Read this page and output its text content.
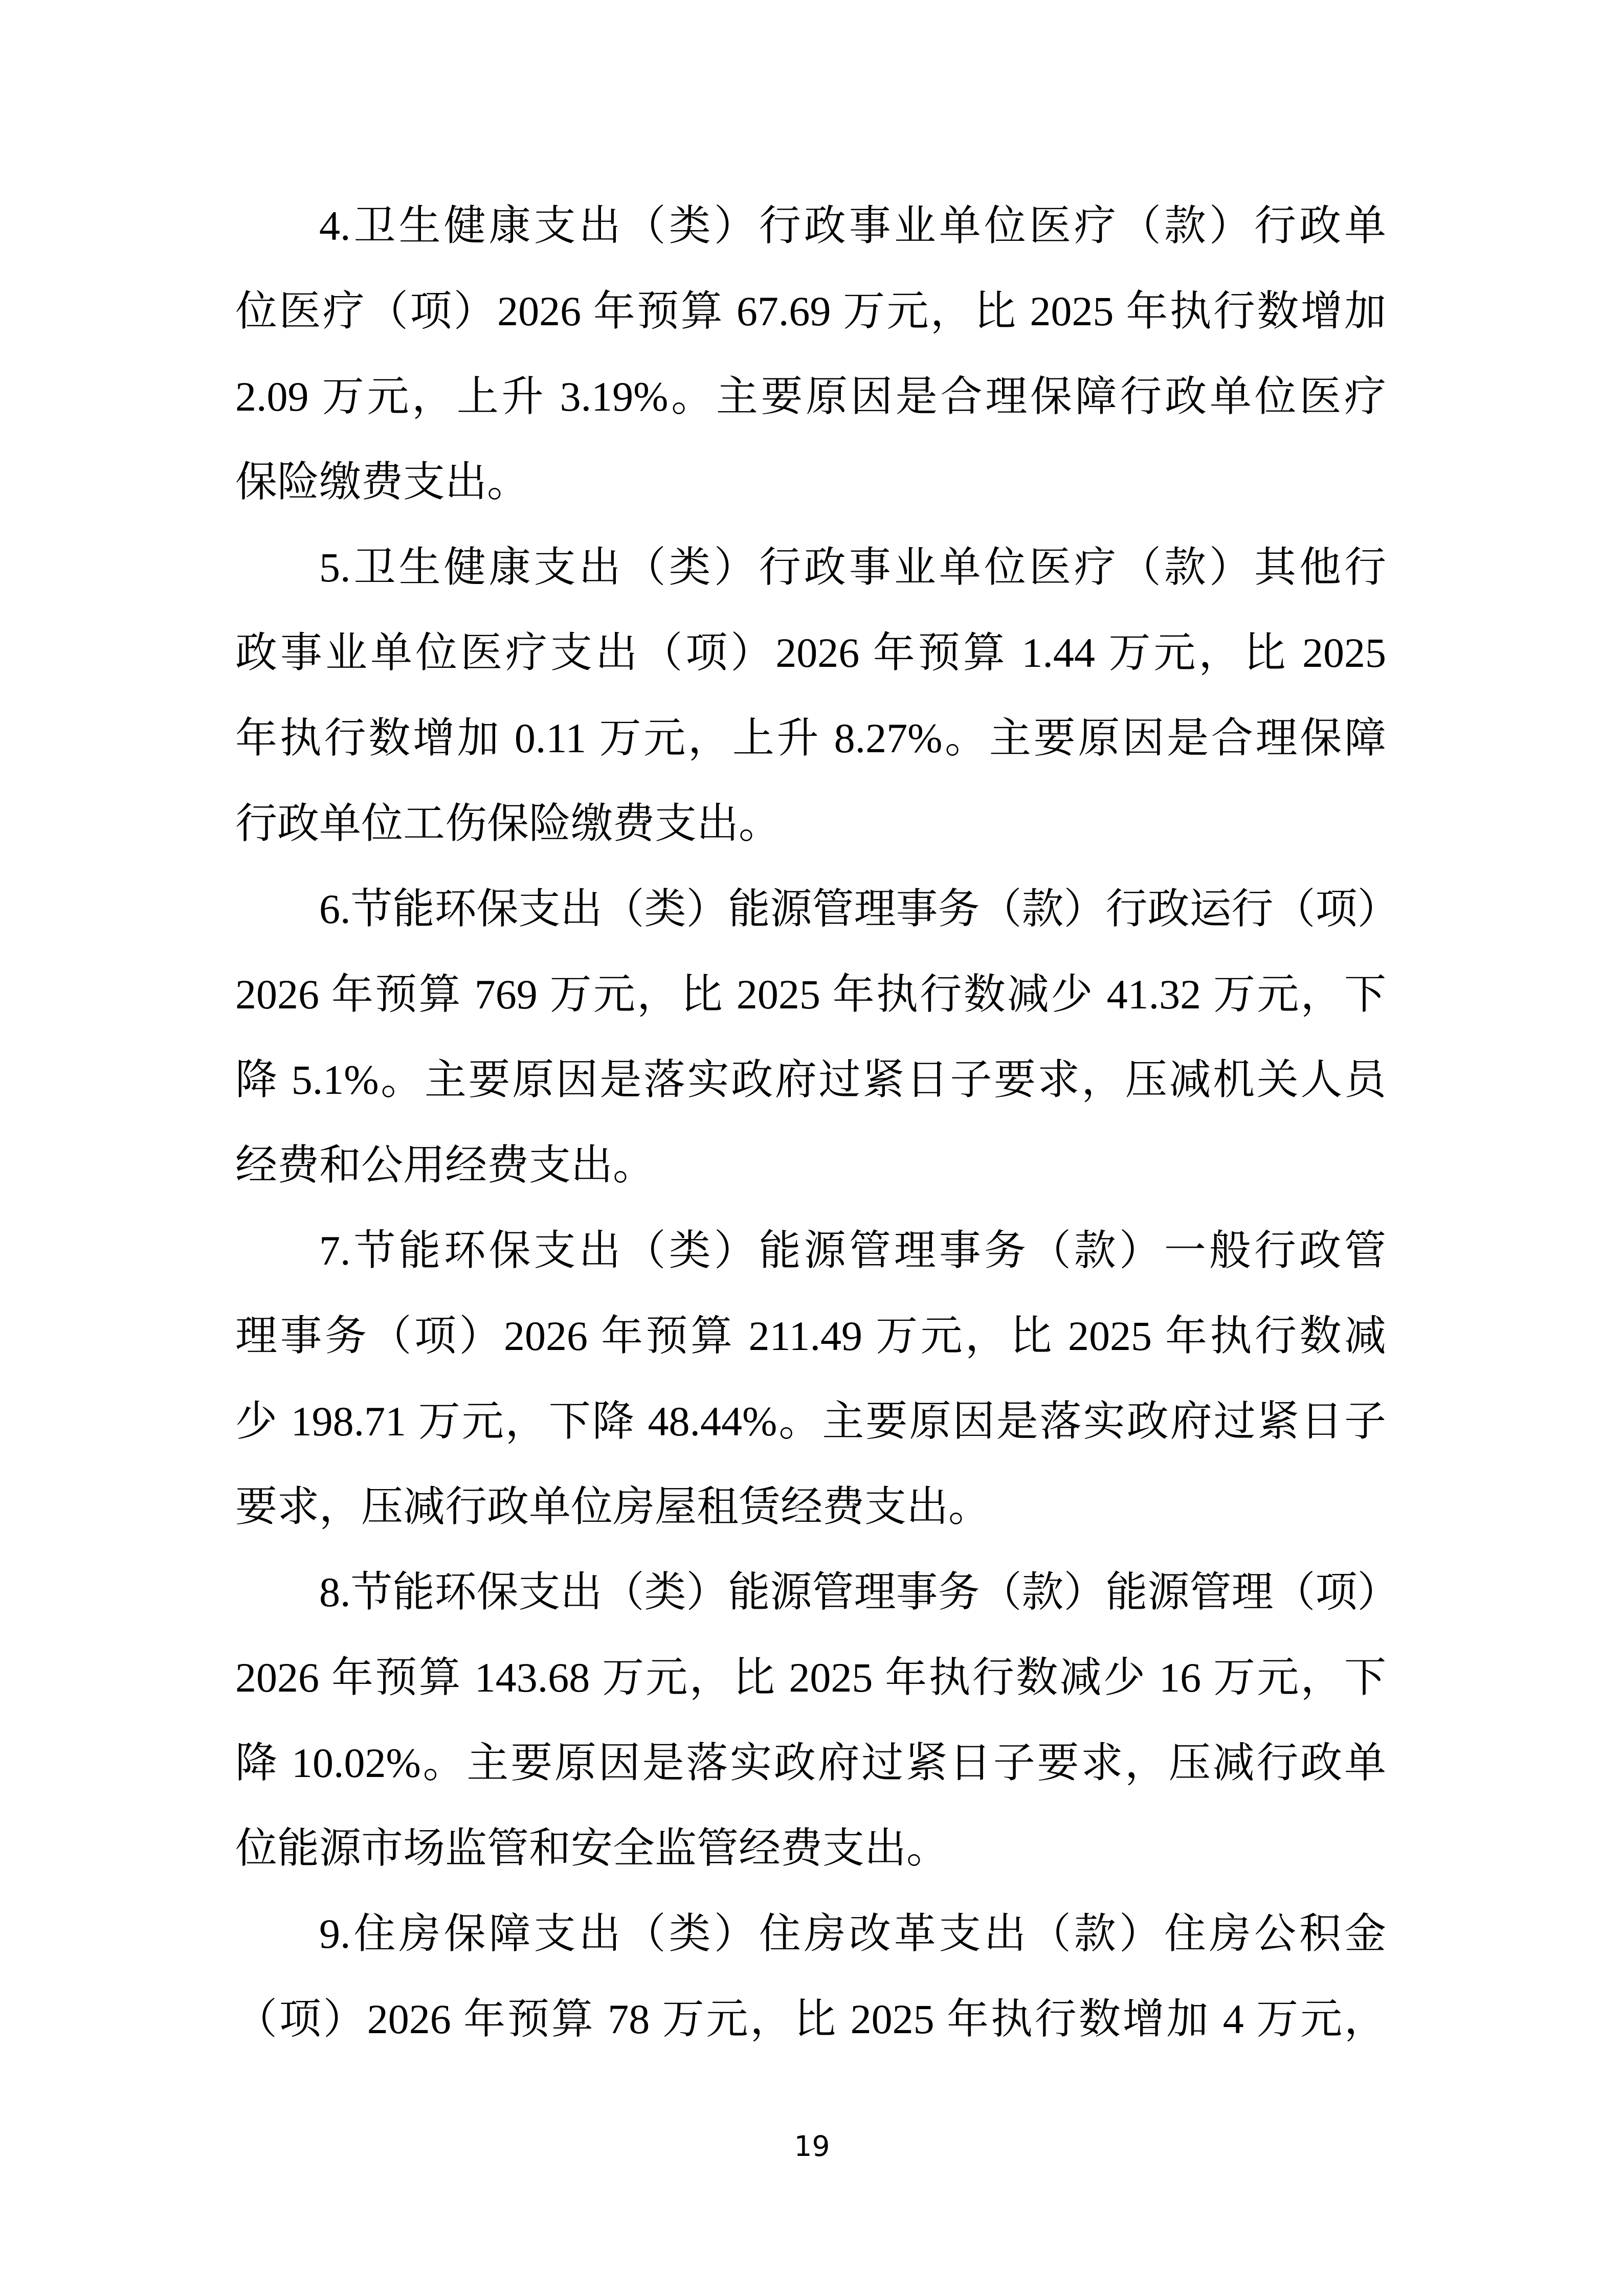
4.卫生健康支出（类）行政事业单位医疗（款）行政单
位医疗（项）2026 年预算 67.69 万元，比 2025 年执行数增加
2.09 万元，上升 3.19%。主要原因是合理保障行政单位医疗
保险缴费支出。

5.卫生健康支出（类）行政事业单位医疗（款）其他行
政事业单位医疗支出（项）2026 年预算 1.44 万元，比 2025
年执行数增加 0.11 万元，上升 8.27%。主要原因是合理保障
行政单位工伤保险缴费支出。

6.节能环保支出（类）能源管理事务（款）行政运行（项）
2026 年预算 769 万元，比 2025 年执行数减少 41.32 万元，下
降 5.1%。主要原因是落实政府过紧日子要求，压减机关人员
经费和公用经费支出。

7.节能环保支出（类）能源管理事务（款）一般行政管
理事务（项）2026 年预算 211.49 万元，比 2025 年执行数减
少 198.71 万元，下降 48.44%。主要原因是落实政府过紧日子
要求，压减行政单位房屋租赁经费支出。

8.节能环保支出（类）能源管理事务（款）能源管理（项）
2026 年预算 143.68 万元，比 2025 年执行数减少 16 万元，下
降 10.02%。主要原因是落实政府过紧日子要求，压减行政单
位能源市场监管和安全监管经费支出。

9.住房保障支出（类）住房改革支出（款）住房公积金
（项）2026 年预算 78 万元，比 2025 年执行数增加 4 万元，

19
